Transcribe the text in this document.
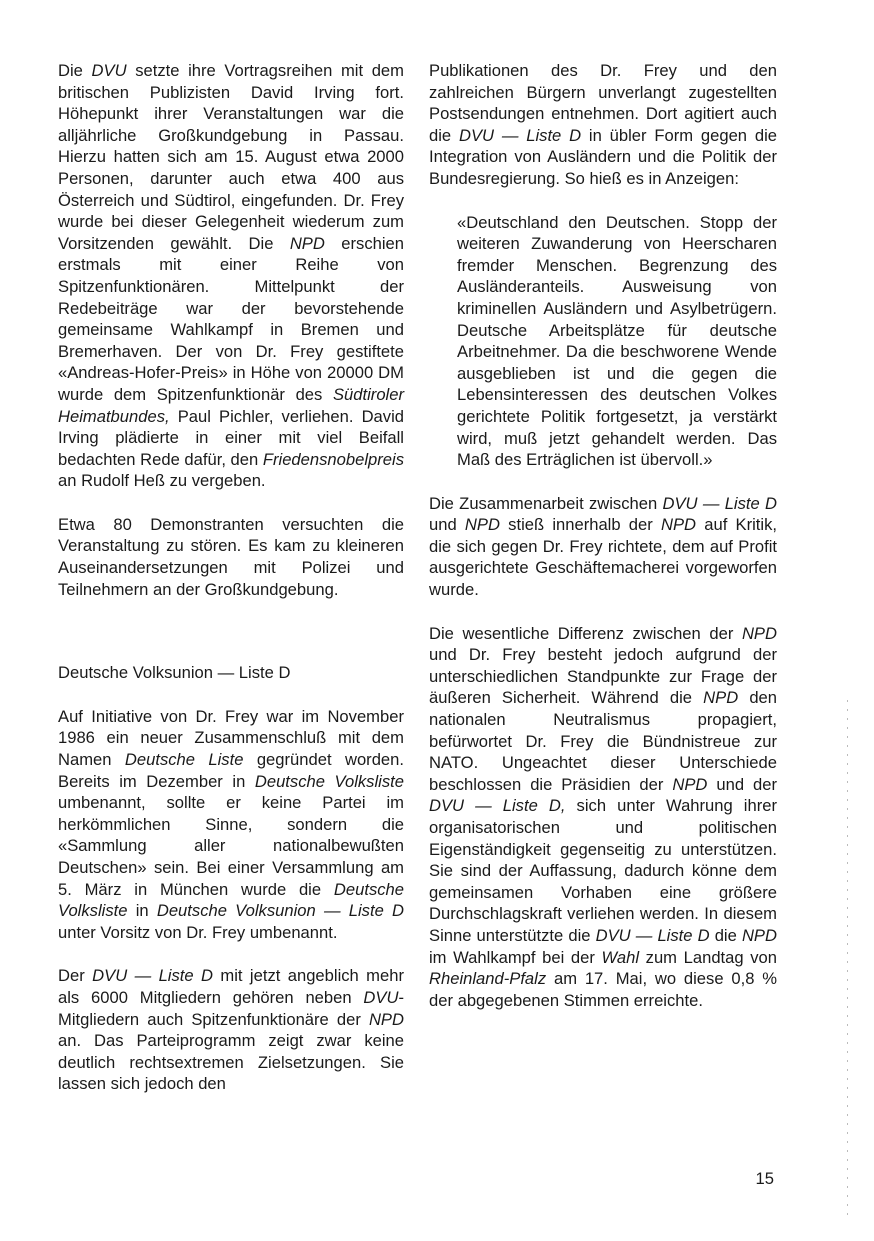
Die DVU setzte ihre Vortragsreihen mit dem britischen Publizisten David Irving fort. Höhepunkt ihrer Veranstaltungen war die alljährliche Großkundgebung in Passau. Hierzu hatten sich am 15. August etwa 2000 Personen, darunter auch etwa 400 aus Österreich und Südtirol, eingefunden. Dr. Frey wurde bei dieser Gelegenheit wiederum zum Vorsitzenden gewählt. Die NPD erschien erstmals mit einer Reihe von Spitzenfunktionären. Mittelpunkt der Redebeiträge war der bevorstehende gemeinsame Wahlkampf in Bremen und Bremerhaven. Der von Dr. Frey gestiftete «Andreas-Hofer-Preis» in Höhe von 20000 DM wurde dem Spitzenfunktionär des Südtiroler Heimatbundes, Paul Pichler, verliehen. David Irving plädierte in einer mit viel Beifall bedachten Rede dafür, den Friedensnobelpreis an Rudolf Heß zu vergeben.

Etwa 80 Demonstranten versuchten die Veranstaltung zu stören. Es kam zu kleineren Auseinandersetzungen mit Polizei und Teilnehmern an der Großkundgebung.

Deutsche Volksunion — Liste D

Auf Initiative von Dr. Frey war im November 1986 ein neuer Zusammenschluß mit dem Namen Deutsche Liste gegründet worden. Bereits im Dezember in Deutsche Volksliste umbenannt, sollte er keine Partei im herkömmlichen Sinne, sondern die «Sammlung aller nationalbewußten Deutschen» sein. Bei einer Versammlung am 5. März in München wurde die Deutsche Volksliste in Deutsche Volksunion — Liste D unter Vorsitz von Dr. Frey umbenannt.

Der DVU — Liste D mit jetzt angeblich mehr als 6000 Mitgliedern gehören neben DVU-Mitgliedern auch Spitzenfunktionäre der NPD an. Das Parteiprogramm zeigt zwar keine deutlich rechtsextremen Zielsetzungen. Sie lassen sich jedoch den

Publikationen des Dr. Frey und den zahlreichen Bürgern unverlangt zugestellten Postsendungen entnehmen. Dort agitiert auch die DVU — Liste D in übler Form gegen die Integration von Ausländern und die Politik der Bundesregierung. So hieß es in Anzeigen:

«Deutschland den Deutschen. Stopp der weiteren Zuwanderung von Heerscharen fremder Menschen. Begrenzung des Ausländeranteils. Ausweisung von kriminellen Ausländern und Asylbetrügern. Deutsche Arbeitsplätze für deutsche Arbeitnehmer. Da die beschworene Wende ausgeblieben ist und die gegen die Lebensinteressen des deutschen Volkes gerichtete Politik fortgesetzt, ja verstärkt wird, muß jetzt gehandelt werden. Das Maß des Erträglichen ist übervoll.»

Die Zusammenarbeit zwischen DVU — Liste D und NPD stieß innerhalb der NPD auf Kritik, die sich gegen Dr. Frey richtete, dem auf Profit ausgerichtete Geschäftemacherei vorgeworfen wurde.

Die wesentliche Differenz zwischen der NPD und Dr. Frey besteht jedoch aufgrund der unterschiedlichen Standpunkte zur Frage der äußeren Sicherheit. Während die NPD den nationalen Neutralismus propagiert, befürwortet Dr. Frey die Bündnistreue zur NATO. Ungeachtet dieser Unterschiede beschlossen die Präsidien der NPD und der DVU — Liste D, sich unter Wahrung ihrer organisatorischen und politischen Eigenständigkeit gegenseitig zu unterstützen. Sie sind der Auffassung, dadurch könne dem gemeinsamen Vorhaben eine größere Durchschlagskraft verliehen werden. In diesem Sinne unterstützte die DVU — Liste D die NPD im Wahlkampf bei der Wahl zum Landtag von Rheinland-Pfalz am 17. Mai, wo diese 0,8 % der abgegebenen Stimmen erreichte.

15
